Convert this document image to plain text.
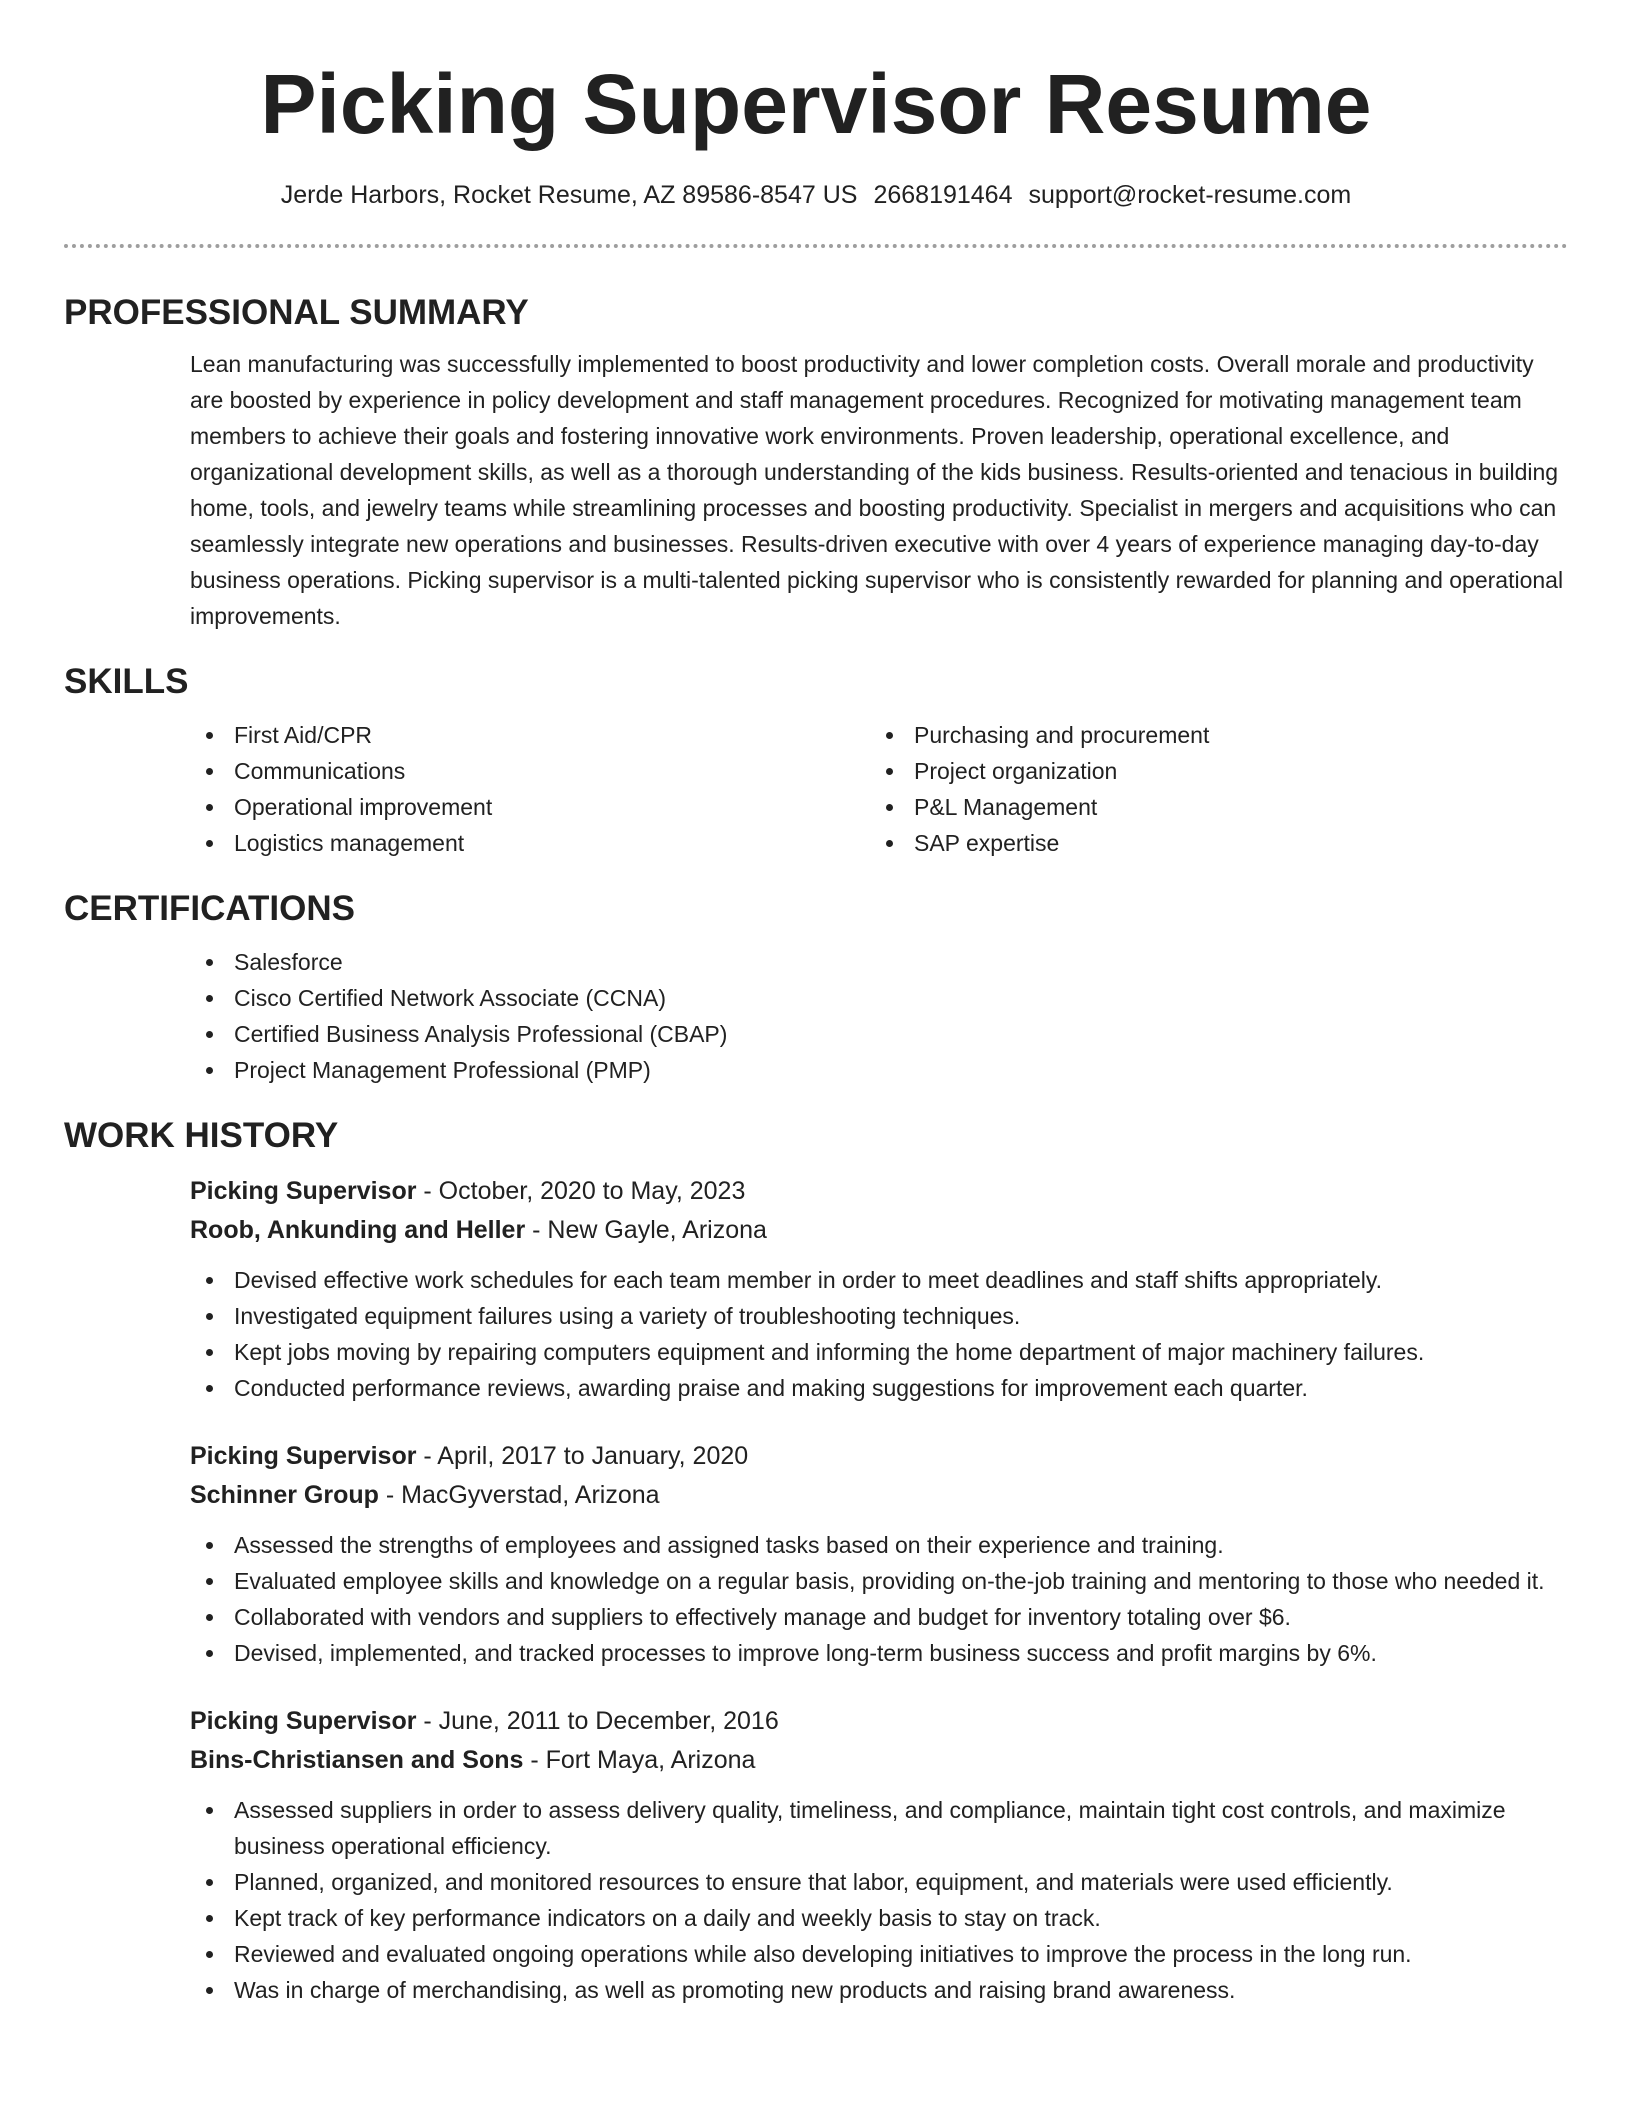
Picking Supervisor Resume
Jerde Harbors, Rocket Resume, AZ 89586-8547 US 2668191464 support@rocket-resume.com
PROFESSIONAL SUMMARY

Lean manufacturing was successfully implemented to boost productivity and lower completion costs. Overall morale and productivity are boosted by experience in policy development and staff management procedures. Recognized for motivating management team members to achieve their goals and fostering innovative work environments. Proven leadership, operational excellence, and organizational development skills, as well as a thorough understanding of the kids business. Results-oriented and tenacious in building home, tools, and jewelry teams while streamlining processes and boosting productivity. Specialist in mergers and acquisitions who can seamlessly integrate new operations and businesses. Results-driven executive with over 4 years of experience managing day-to-day business operations. Picking supervisor is a multi-talented picking supervisor who is consistently rewarded for planning and operational improvements.

SKILLS
First Aid/CPR
Communications
Operational improvement
Logistics management
Purchasing and procurement
Project organization
P&L Management
SAP expertise
CERTIFICATIONS
Salesforce
Cisco Certified Network Associate (CCNA)
Certified Business Analysis Professional (CBAP)
Project Management Professional (PMP)
WORK HISTORY
Picking Supervisor - October, 2020 to May, 2023
Roob, Ankunding and Heller - New Gayle, Arizona
Devised effective work schedules for each team member in order to meet deadlines and staff shifts appropriately.
Investigated equipment failures using a variety of troubleshooting techniques.
Kept jobs moving by repairing computers equipment and informing the home department of major machinery failures.
Conducted performance reviews, awarding praise and making suggestions for improvement each quarter.
Picking Supervisor - April, 2017 to January, 2020
Schinner Group - MacGyverstad, Arizona
Assessed the strengths of employees and assigned tasks based on their experience and training.
Evaluated employee skills and knowledge on a regular basis, providing on-the-job training and mentoring to those who needed it.
Collaborated with vendors and suppliers to effectively manage and budget for inventory totaling over $6.
Devised, implemented, and tracked processes to improve long-term business success and profit margins by 6%.
Picking Supervisor - June, 2011 to December, 2016
Bins-Christiansen and Sons - Fort Maya, Arizona
Assessed suppliers in order to assess delivery quality, timeliness, and compliance, maintain tight cost controls, and maximize business operational efficiency.
Planned, organized, and monitored resources to ensure that labor, equipment, and materials were used efficiently.
Kept track of key performance indicators on a daily and weekly basis to stay on track.
Reviewed and evaluated ongoing operations while also developing initiatives to improve the process in the long run.
Was in charge of merchandising, as well as promoting new products and raising brand awareness.
